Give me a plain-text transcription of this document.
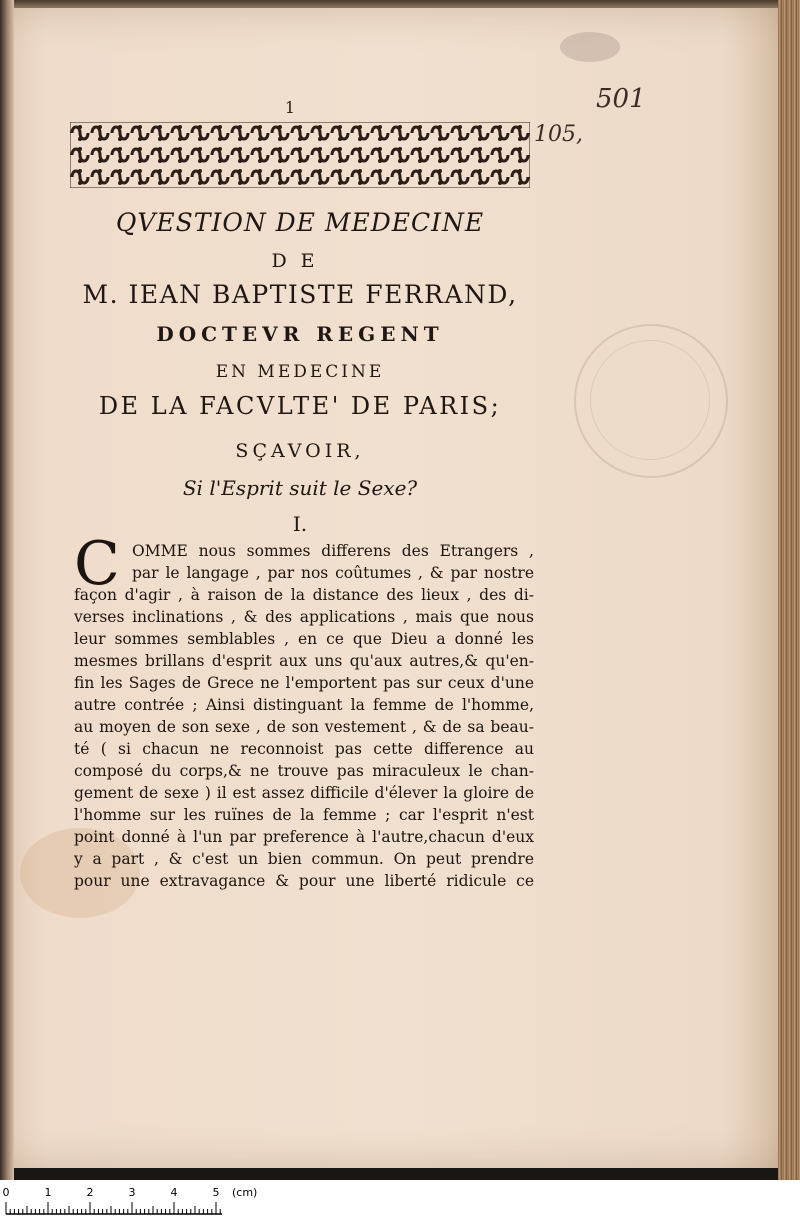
501
105,
1
QVESTION DE MEDECINE
DE
M. IEAN BAPTISTE FERRAND,
DOCTEVR REGENT
EN MEDECINE
DE LA FACVLTE' DE PARIS;
SÇAVOIR,
Si l'Esprit suit le Sexe?
I.
C OMME nous sommes differens des Etrangers ,
par le langage , par nos coûtumes , & par nostre
façon d'agir , à raison de la distance des lieux , des di-
verses inclinations , & des applications , mais que nous
leur sommes semblables , en ce que Dieu a donné les
mesmes brillans d'esprit aux uns qu'aux autres,& qu'en-
fin les Sages de Grece ne l'emportent pas sur ceux d'une
autre contrée ; Ainsi distinguant la femme de l'homme,
au moyen de son sexe , de son vestement , & de sa beau-
té ( si chacun ne reconnoist pas cette difference au
composé du corps,& ne trouve pas miraculeux le chan-
gement de sexe ) il est assez difficile d'élever la gloire de
l'homme sur les ruïnes de la femme ; car l'esprit n'est
point donné à l'un par preference à l'autre,chacun d'eux
y a part , & c'est un bien commun. On peut prendre
pour une extravagance & pour une liberté ridicule ce
0	1	2	3	4	5 (cm)
